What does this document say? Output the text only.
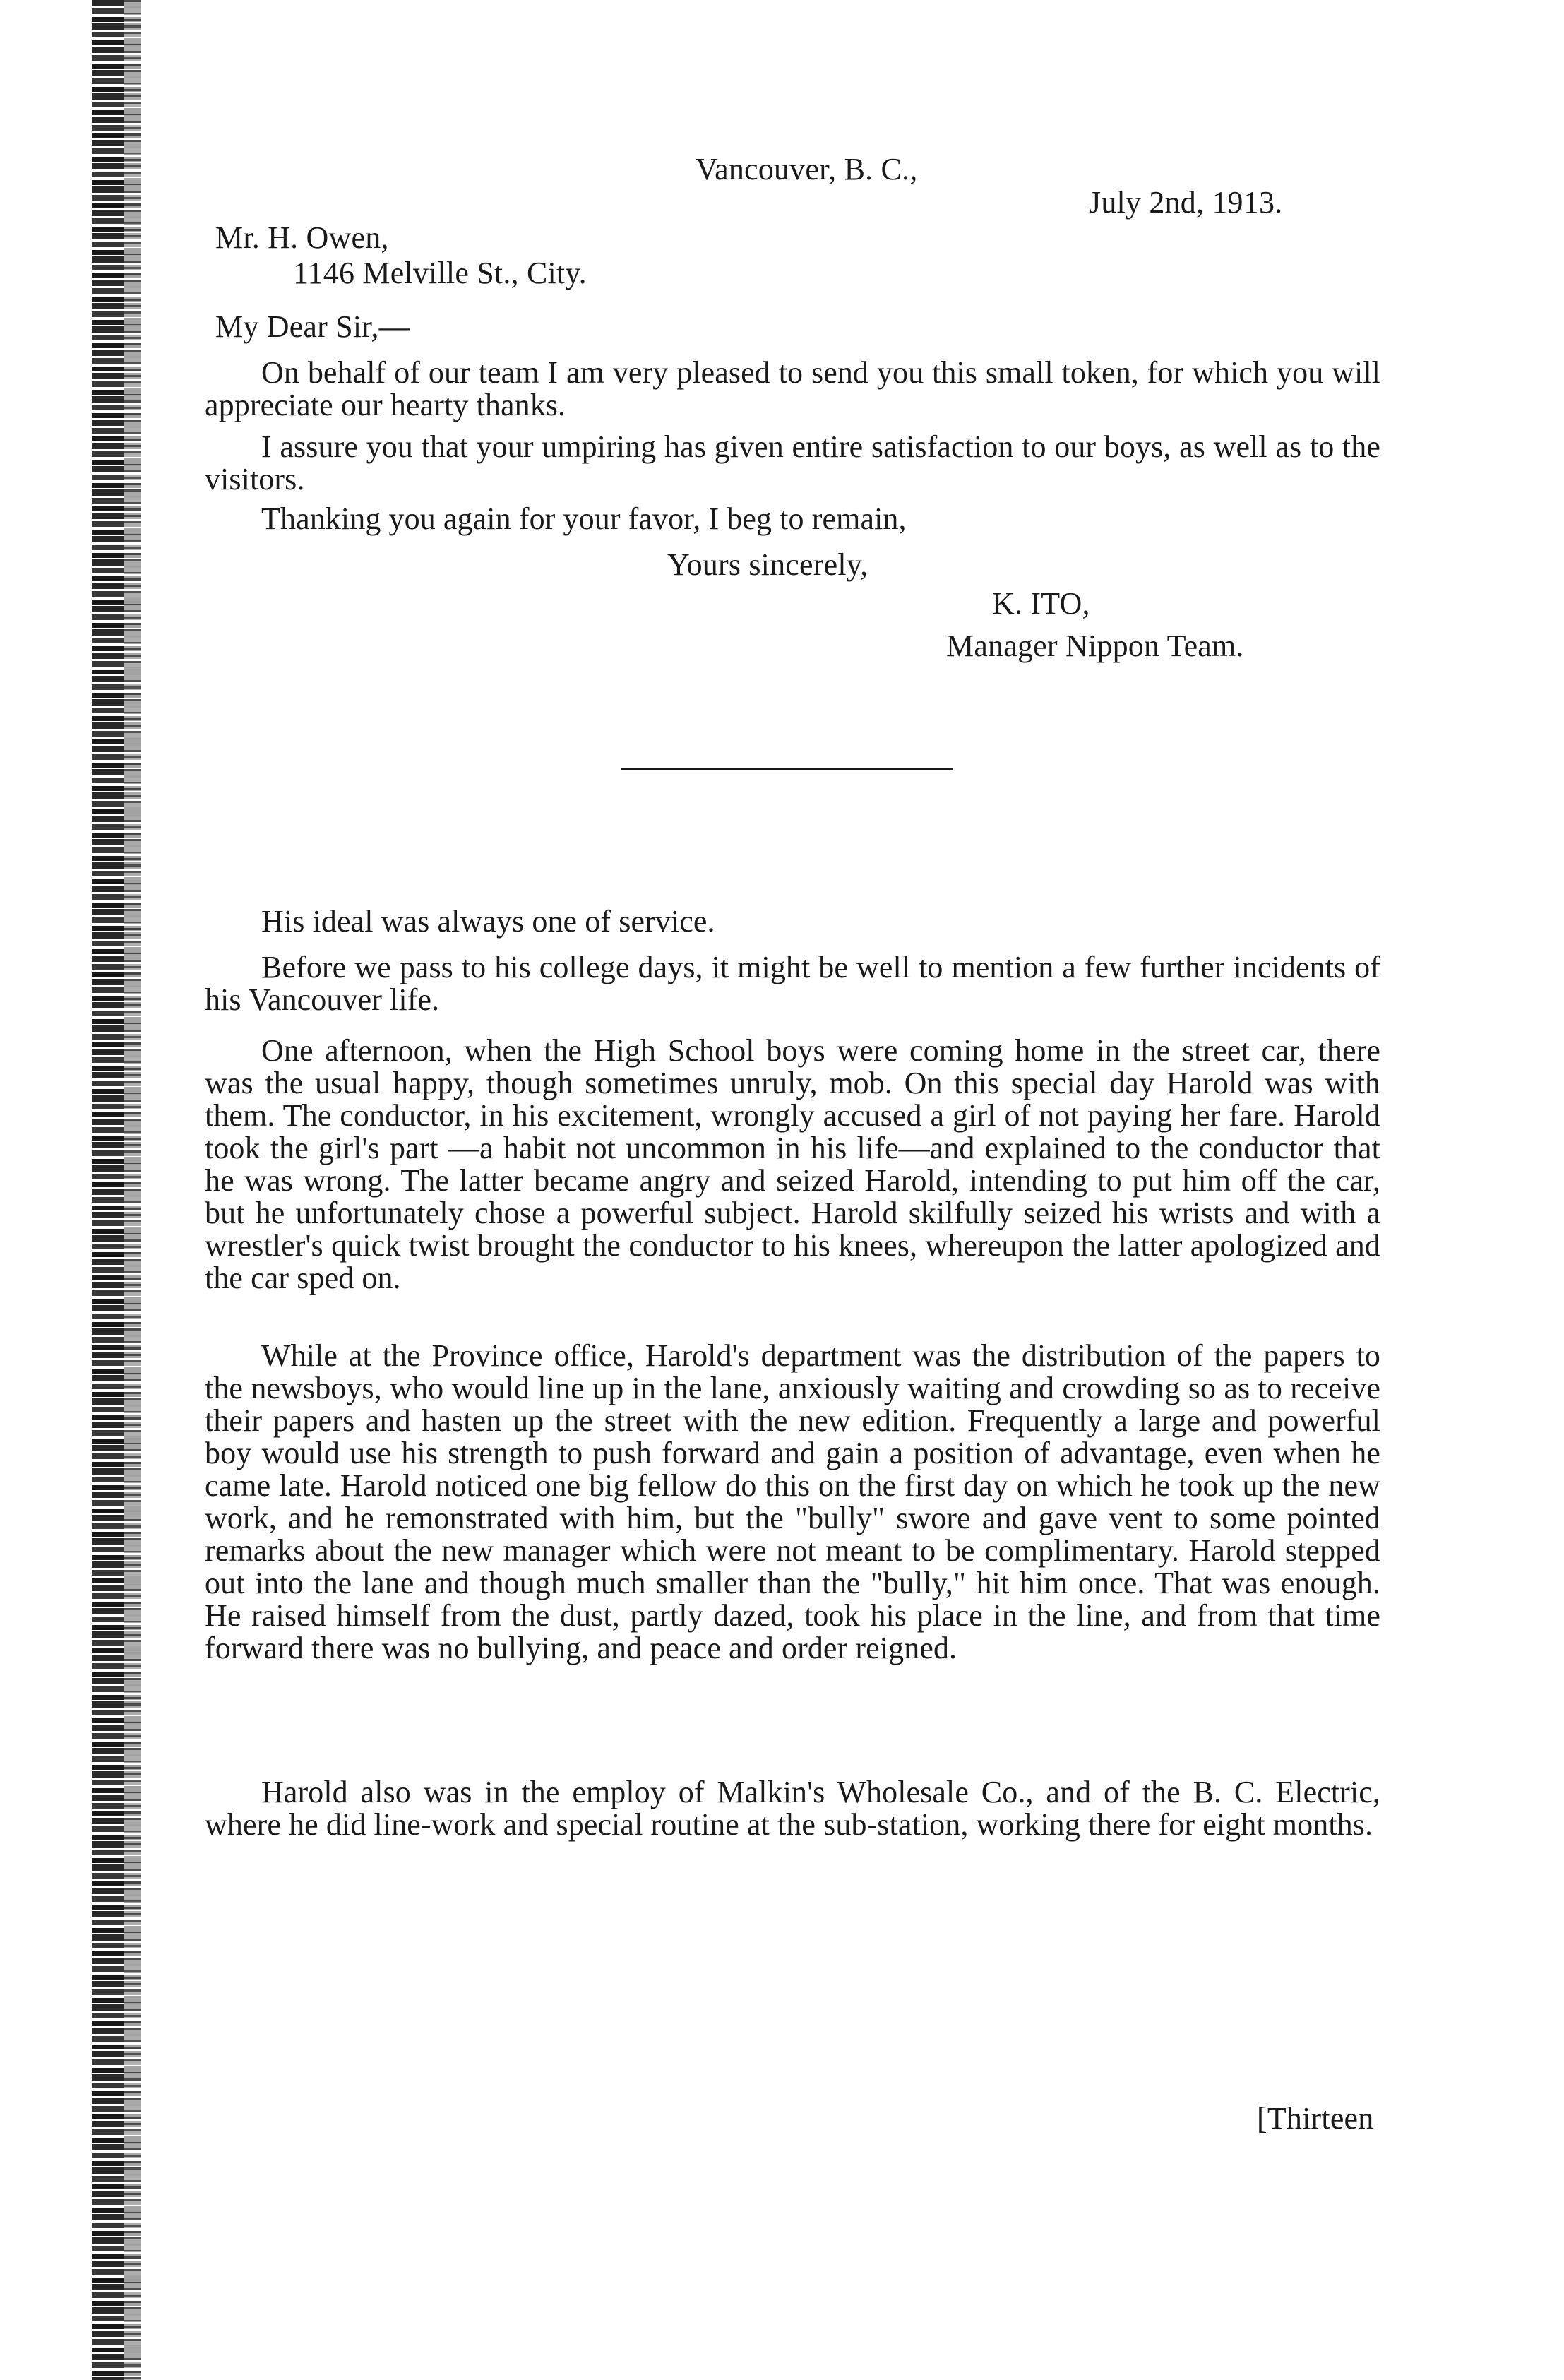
Vancouver, B. C.,
July 2nd, 1913.
Mr. H. Owen,
1146 Melville St., City.
My Dear Sir,—
On behalf of our team I am very pleased to send you this small token, for which you will appreciate our hearty thanks.
I assure you that your umpiring has given entire satisfaction to our boys, as well as to the visitors.
Thanking you again for your favor, I beg to remain,
Yours sincerely,
K. ITO,
Manager Nippon Team.
His ideal was always one of service.
Before we pass to his college days, it might be well to mention a few further incidents of his Vancouver life.
One afternoon, when the High School boys were coming home in the street car, there was the usual happy, though sometimes unruly, mob. On this special day Harold was with them. The conductor, in his excitement, wrongly accused a girl of not paying her fare. Harold took the girl's part —a habit not uncommon in his life—and explained to the conductor that he was wrong. The latter became angry and seized Harold, intending to put him off the car, but he unfortunately chose a powerful subject. Harold skilfully seized his wrists and with a wrestler's quick twist brought the conductor to his knees, whereupon the latter apologized and the car sped on.
While at the Province office, Harold's department was the distribution of the papers to the newsboys, who would line up in the lane, anxiously waiting and crowding so as to receive their papers and hasten up the street with the new edition. Frequently a large and powerful boy would use his strength to push forward and gain a position of advantage, even when he came late. Harold noticed one big fellow do this on the first day on which he took up the new work, and he remonstrated with him, but the "bully" swore and gave vent to some pointed remarks about the new manager which were not meant to be complimentary. Harold stepped out into the lane and though much smaller than the "bully," hit him once. That was enough. He raised himself from the dust, partly dazed, took his place in the line, and from that time forward there was no bullying, and peace and order reigned.
Harold also was in the employ of Malkin's Wholesale Co., and of the B. C. Electric, where he did line-work and special routine at the sub-station, working there for eight months.
[Thirteen
